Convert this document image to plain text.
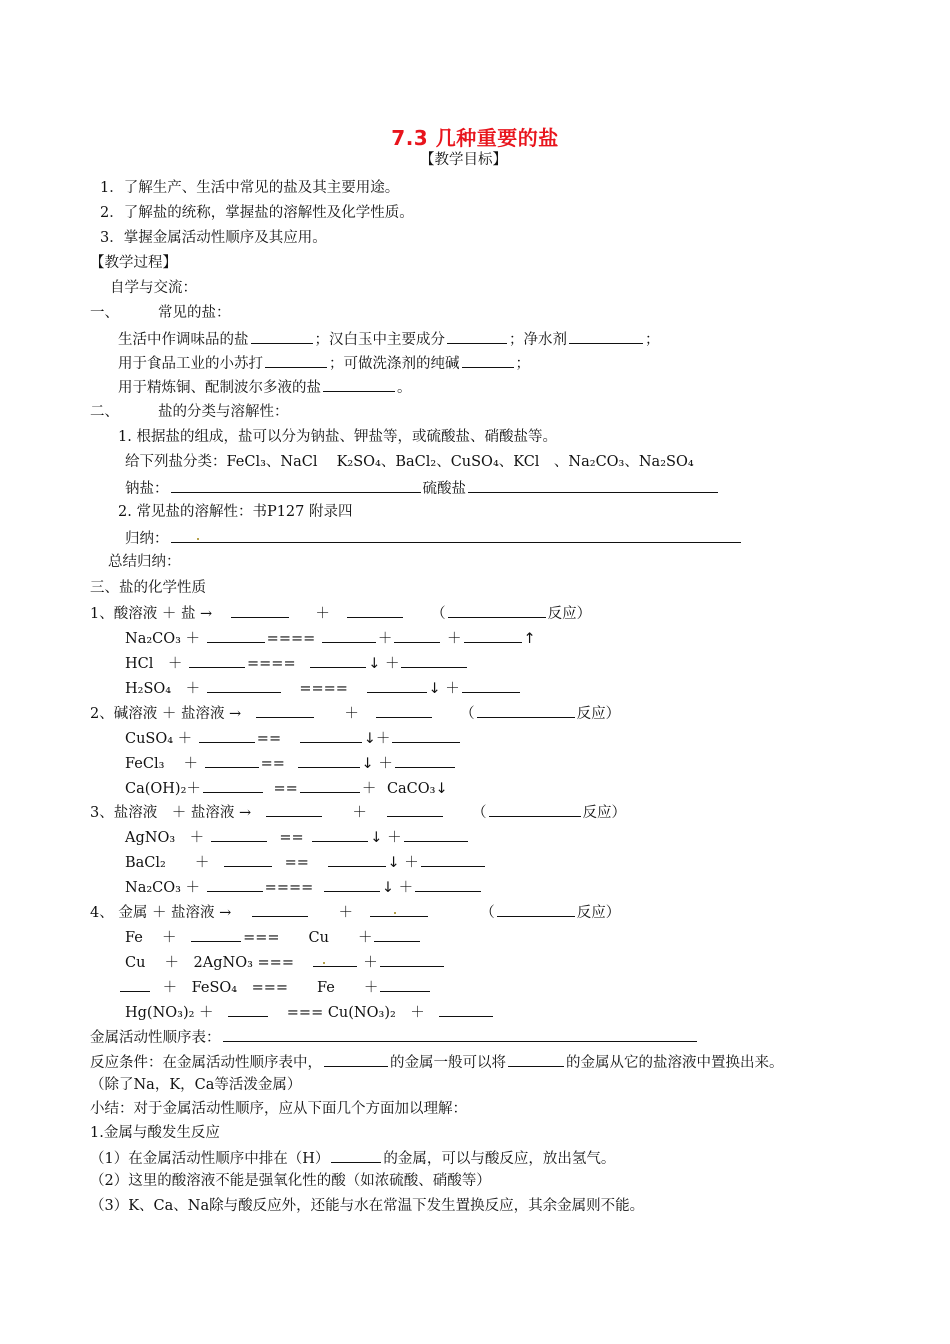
7.3 几种重要的盐
【教学目标】
1．了解生产、生活中常见的盐及其主要用途。
2．了解盐的统称，掌握盐的溶解性及化学性质。
3．掌握金属活动性顺序及其应用。
【教学过程】
自学与交流：
一、	常见的盐：
生活中作调味品的盐	；汉白玉中主要成分	；净水剂	；
用于食品工业的小苏打	；可做洗涤剂的纯碱	；
用于精炼铜、配制波尔多液的盐	。
二、	盐的分类与溶解性：
1. 根据盐的组成，盐可以分为钠盐、钾盐等，或硫酸盐、硝酸盐等。
给下列盐分类：FeCl₃、NaCl　 K₂SO₄、BaCl₂、CuSO₄、KCl　、Na₂CO₃、Na₂SO₄
钠盐：	硫酸盐
2. 常见盐的溶解性：书P127 附录四
归纳：
总结归纳：
三、盐的化学性质
1、酸溶液 ＋ 盐 →	＋	（	反应）
Na₂CO₃ ＋	====	＋	＋	↑
HCl　＋	====	↓ ＋
H₂SO₄　＋	====	↓ ＋
2、碱溶液 ＋ 盐溶液 →	＋	（	反应）
CuSO₄ ＋	==	↓＋
FeCl₃　 ＋	==	↓ ＋
Ca(OH)₂＋	==	＋ CaCO₃↓
3、盐溶液　＋ 盐溶液 →	＋	（	反应）
AgNO₃　＋	==	↓ ＋
BaCl₂　　＋	==	↓ ＋
Na₂CO₃ ＋	====	↓ ＋
4、 金属 ＋ 盐溶液 →	＋	（	反应）
Fe　 ＋	===　　Cu　　＋
Cu　 ＋　2AgNO₃ ===	＋
＋　FeSO₄　===　　Fe　　＋
Hg(NO₃)₂ ＋	=== Cu(NO₃)₂　＋
金属活动性顺序表：
反应条件：在金属活动性顺序表中，	的金属一般可以将	的金属从它的盐溶液中置换出来。
（除了Na，K，Ca等活泼金属）
小结：对于金属活动性顺序，应从下面几个方面加以理解：
1.金属与酸发生反应
（1）在金属活动性顺序中排在（H）	的金属，可以与酸反应，放出氢气。
（2）这里的酸溶液不能是强氧化性的酸（如浓硫酸、硝酸等）
（3）K、Ca、Na除与酸反应外，还能与水在常温下发生置换反应，其余金属则不能。
